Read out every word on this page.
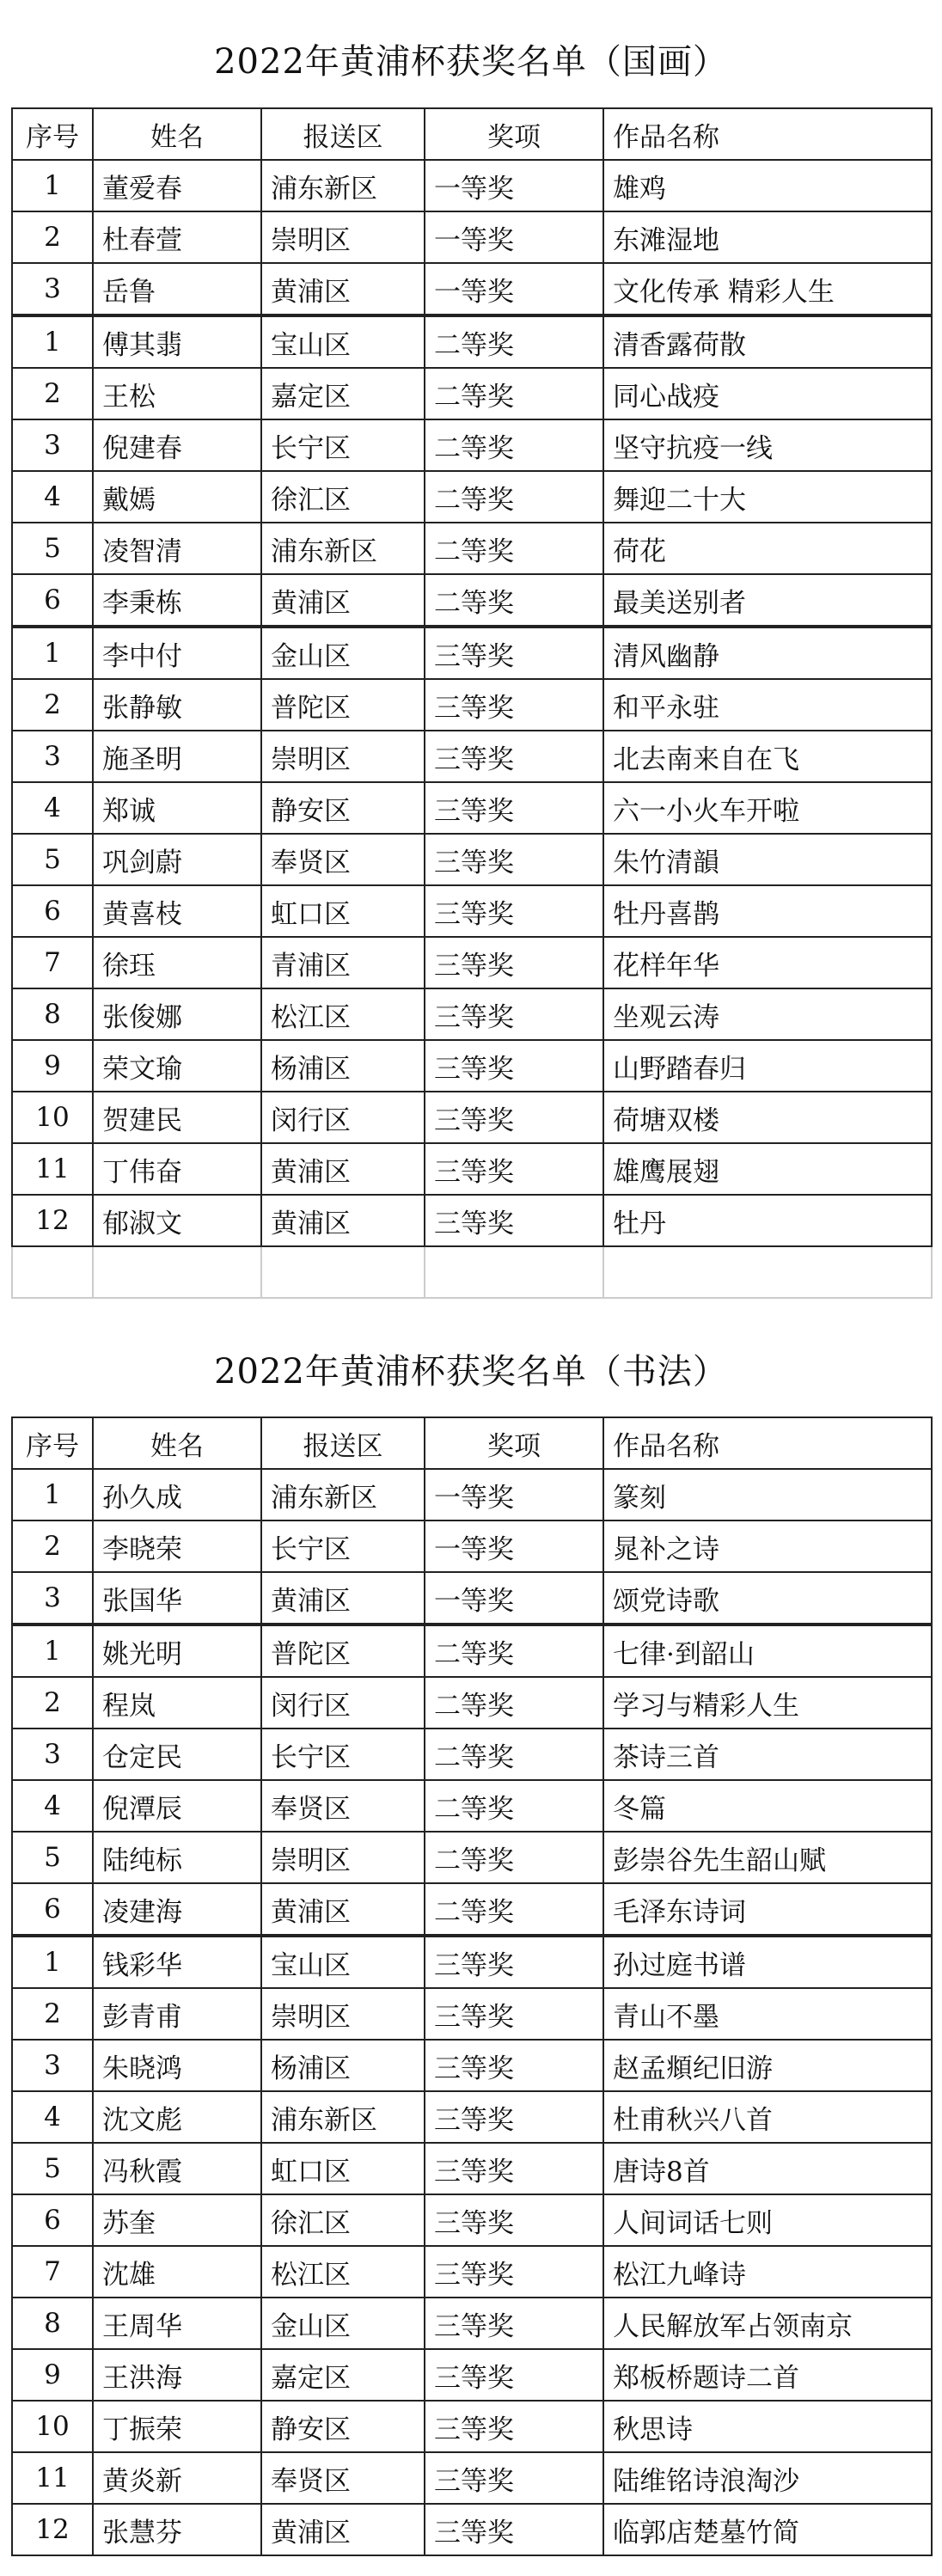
2022年黄浦杯获奖名单（国画）
序号	姓名	报送区	奖项	作品名称
1	董爱春	浦东新区	一等奖	雄鸡
2	杜春萱	崇明区	一等奖	东滩湿地
3	岳鲁	黄浦区	一等奖	文化传承 精彩人生
1	傅其翡	宝山区	二等奖	清香露荷散
2	王松	嘉定区	二等奖	同心战疫
3	倪建春	长宁区	二等奖	坚守抗疫一线
4	戴嫣	徐汇区	二等奖	舞迎二十大
5	凌智清	浦东新区	二等奖	荷花
6	李秉栋	黄浦区	二等奖	最美送别者
1	李中付	金山区	三等奖	清风幽静
2	张静敏	普陀区	三等奖	和平永驻
3	施圣明	崇明区	三等奖	北去南来自在飞
4	郑诚	静安区	三等奖	六一小火车开啦
5	巩剑蔚	奉贤区	三等奖	朱竹清韻
6	黄喜枝	虹口区	三等奖	牡丹喜鹊
7	徐珏	青浦区	三等奖	花样年华
8	张俊娜	松江区	三等奖	坐观云涛
9	荣文瑜	杨浦区	三等奖	山野踏春归
10	贺建民	闵行区	三等奖	荷塘双楼
11	丁伟奋	黄浦区	三等奖	雄鹰展翅
12	郁淑文	黄浦区	三等奖	牡丹

2022年黄浦杯获奖名单（书法）
序号	姓名	报送区	奖项	作品名称
1	孙久成	浦东新区	一等奖	篆刻
2	李晓荣	长宁区	一等奖	晁补之诗
3	张国华	黄浦区	一等奖	颂党诗歌
1	姚光明	普陀区	二等奖	七律·到韶山
2	程岚	闵行区	二等奖	学习与精彩人生
3	仓定民	长宁区	二等奖	茶诗三首
4	倪潭辰	奉贤区	二等奖	冬篇
5	陆纯标	崇明区	二等奖	彭崇谷先生韶山赋
6	凌建海	黄浦区	二等奖	毛泽东诗词
1	钱彩华	宝山区	三等奖	孙过庭书谱
2	彭青甫	崇明区	三等奖	青山不墨
3	朱晓鸿	杨浦区	三等奖	赵孟頫纪旧游
4	沈文彪	浦东新区	三等奖	杜甫秋兴八首
5	冯秋霞	虹口区	三等奖	唐诗8首
6	苏奎	徐汇区	三等奖	人间词话七则
7	沈雄	松江区	三等奖	松江九峰诗
8	王周华	金山区	三等奖	人民解放军占领南京
9	王洪海	嘉定区	三等奖	郑板桥题诗二首
10	丁振荣	静安区	三等奖	秋思诗
11	黄炎新	奉贤区	三等奖	陆维铭诗浪淘沙
12	张慧芬	黄浦区	三等奖	临郭店楚墓竹简
